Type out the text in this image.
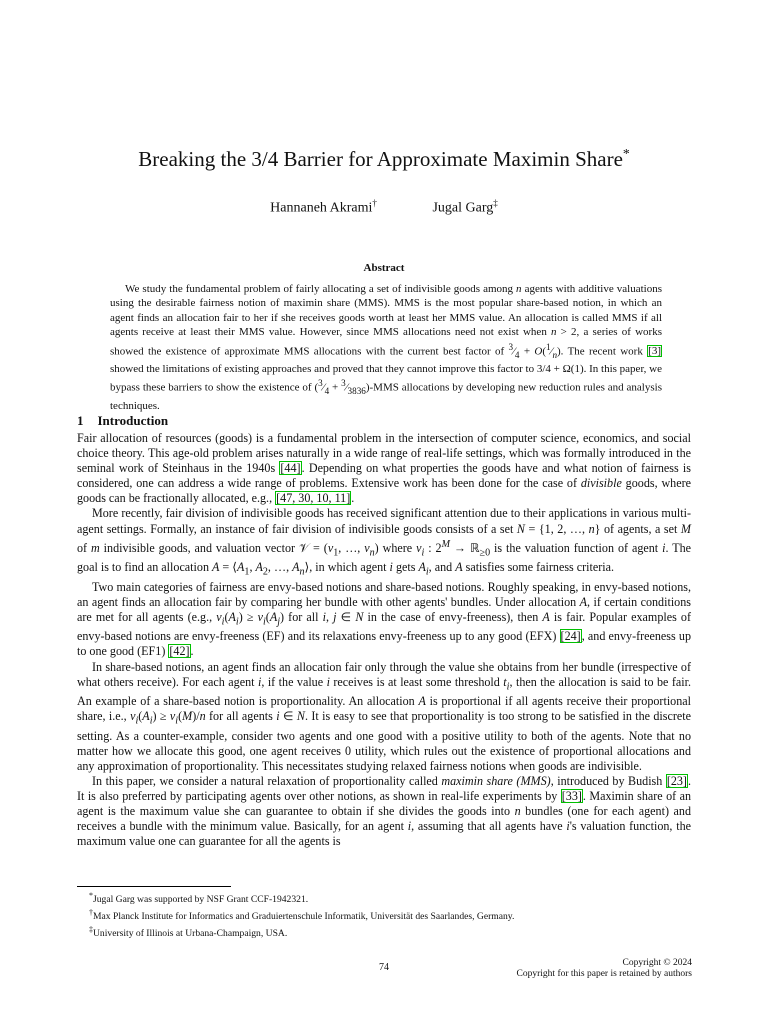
Breaking the 3/4 Barrier for Approximate Maximin Share*
Hannaneh Akrami†	Jugal Garg‡
Abstract

We study the fundamental problem of fairly allocating a set of indivisible goods among n agents with additive valuations using the desirable fairness notion of maximin share (MMS). MMS is the most popular share-based notion, in which an agent finds an allocation fair to her if she receives goods worth at least her MMS value. An allocation is called MMS if all agents receive at least their MMS value. However, since MMS allocations need not exist when n > 2, a series of works showed the existence of approximate MMS allocations with the current best factor of $^3⁄_4$ + $O(^1⁄_n)$. The recent work [3] showed the limitations of existing approaches and proved that they cannot improve this factor to 3/4 + Ω(1). In this paper, we bypass these barriers to show the existence of ($^3⁄_4$ + $^3⁄_{3836}$)-MMS allocations by developing new reduction rules and analysis techniques.

1 Introduction

Fair allocation of resources (goods) is a fundamental problem in the intersection of computer science, economics, and social choice theory. This age-old problem arises naturally in a wide range of real-life settings, which was formally introduced in the seminal work of Steinhaus in the 1940s [44]. Depending on what properties the goods have and what notion of fairness is considered, one can address a wide range of problems. Extensive work has been done for the case of divisible goods, where goods can be fractionally allocated, e.g., [47, 30, 10, 11].

More recently, fair division of indivisible goods has received significant attention due to their applications in various multi-agent settings. Formally, an instance of fair division of indivisible goods consists of a set N = {1, 2, …, n} of agents, a set M of m indivisible goods, and valuation vector 𝒱 = ($v_1$, …, $v_n$) where $v_i$ : $2^M$ → ℝ$_{\ge 0}$ is the valuation function of agent i. The goal is to find an allocation $A = ⟨A_1$, $A_2$, …, $A_n⟩$, in which agent i gets $A_i$, and A satisfies some fairness criteria.

Two main categories of fairness are envy-based notions and share-based notions. Roughly speaking, in envy-based notions, an agent finds an allocation fair by comparing her bundle with other agents' bundles. Under allocation A, if certain conditions are met for all agents (e.g., $v_i(A_i) \ge v_i(A_j)$ for all i, j ∈ N in the case of envy-freeness), then A is fair. Popular examples of envy-based notions are envy-freeness (EF) and its relaxations envy-freeness up to any good (EFX) [24], and envy-freeness up to one good (EF1) [42].

In share-based notions, an agent finds an allocation fair only through the value she obtains from her bundle (irrespective of what others receive). For each agent i, if the value i receives is at least some threshold $t_i$, then the allocation is said to be fair. An example of a share-based notion is proportionality. An allocation A is proportional if all agents receive their proportional share, i.e., $v_i(A_i) \ge v_i(M)/n$ for all agents i ∈ N. It is easy to see that proportionality is too strong to be satisfied in the discrete setting. As a counter-example, consider two agents and one good with a positive utility to both of the agents. Note that no matter how we allocate this good, one agent receives 0 utility, which rules out the existence of proportional allocations and any approximation of proportionality. This necessitates studying relaxed fairness notions when goods are indivisible.

In this paper, we consider a natural relaxation of proportionality called maximin share (MMS), introduced by Budish [23]. It is also preferred by participating agents over other notions, as shown in real-life experiments by [33]. Maximin share of an agent is the maximum value she can guarantee to obtain if she divides the goods into n bundles (one for each agent) and receives a bundle with the minimum value. Basically, for an agent i, assuming that all agents have i's valuation function, the maximum value one can guarantee for all the agents is

*Jugal Garg was supported by NSF Grant CCF-1942321.
†Max Planck Institute for Informatics and Graduiertenschule Informatik, Universität des Saarlandes, Germany.
‡University of Illinois at Urbana-Champaign, USA.
74	Copyright © 2024
Copyright for this paper is retained by authors
